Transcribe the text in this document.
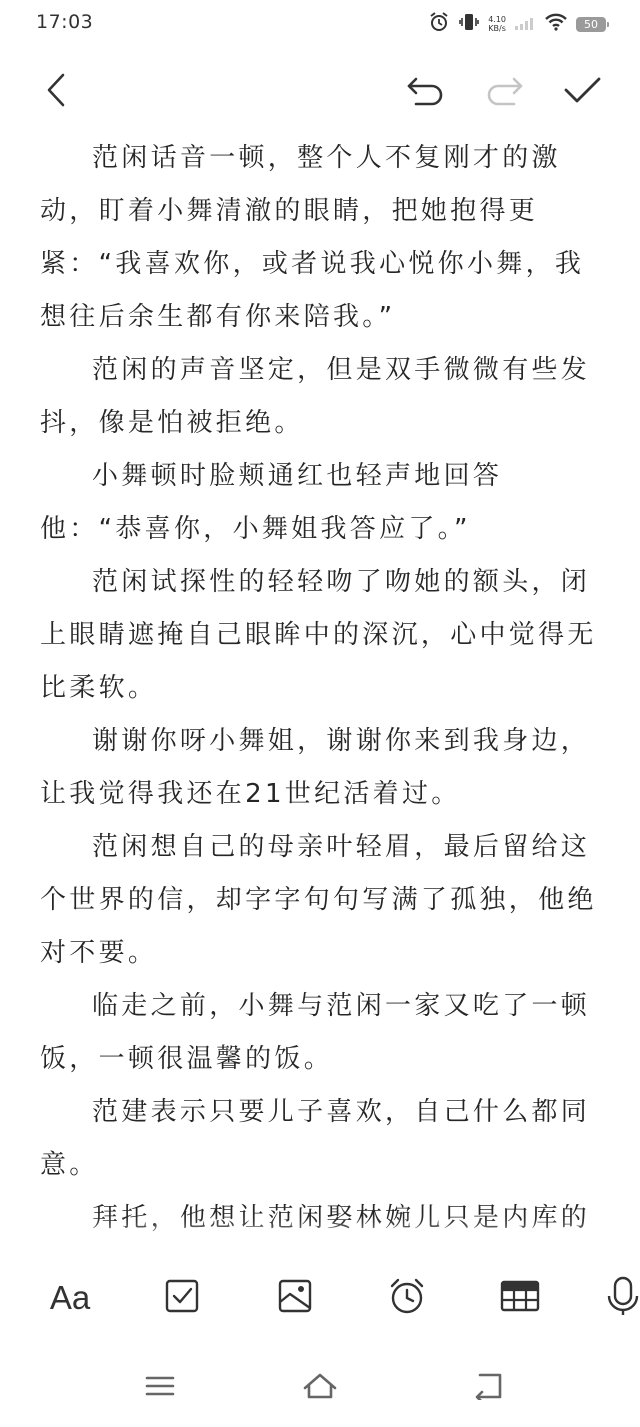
17:03	4.10
KB/s	50

范闲话音一顿，整个人不复刚才的激动，盯着小舞清澈的眼睛，把她抱得更紧：“我喜欢你，或者说我心悦你小舞，我想往后余生都有你来陪我。”

范闲的声音坚定，但是双手微微有些发抖，像是怕被拒绝。

小舞顿时脸颊通红也轻声地回答他：“恭喜你，小舞姐我答应了。”

范闲试探性的轻轻吻了吻她的额头，闭上眼睛遮掩自己眼眸中的深沉，心中觉得无比柔软。

谢谢你呀小舞姐，谢谢你来到我身边，让我觉得我还在21世纪活着过。

范闲想自己的母亲叶轻眉，最后留给这个世界的信，却字字句句写满了孤独，他绝对不要。

临走之前，小舞与范闲一家又吃了一顿饭，一顿很温馨的饭。

范建表示只要儿子喜欢，自己什么都同意。

拜托，他想让范闲娶林婉儿只是内库的

Aa
